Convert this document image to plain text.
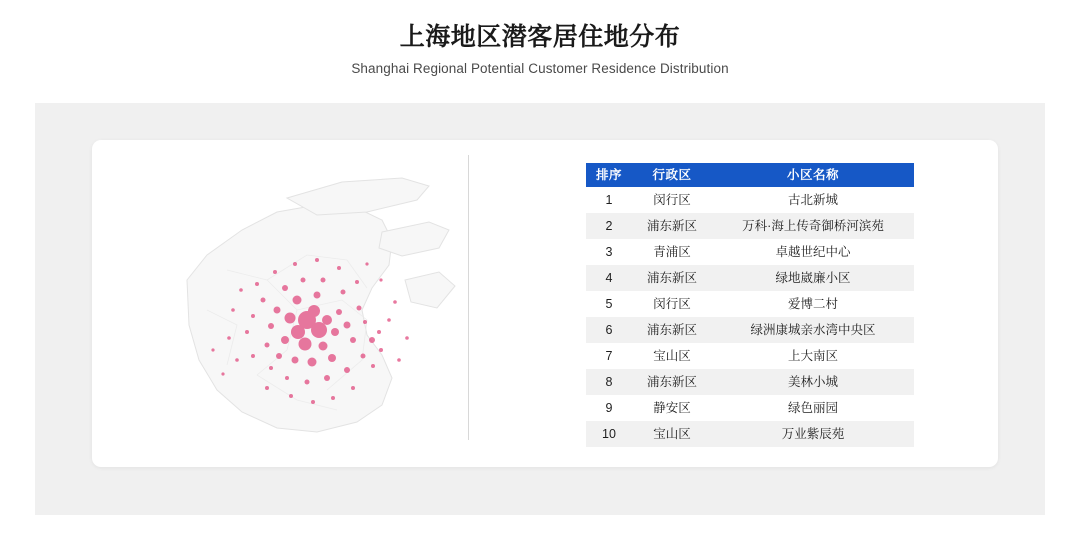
上海地区潜客居住地分布
Shanghai Regional Potential Customer Residence Distribution
排序	行政区	小区名称
1	闵行区	古北新城
2	浦东新区	万科·海上传奇御桥河滨苑
3	青浦区	卓越世纪中心
4	浦东新区	绿地崴廉小区
5	闵行区	爱博二村
6	浦东新区	绿洲康城亲水湾中央区
7	宝山区	上大南区
8	浦东新区	美林小城
9	静安区	绿色丽园
10	宝山区	万业紫辰苑
